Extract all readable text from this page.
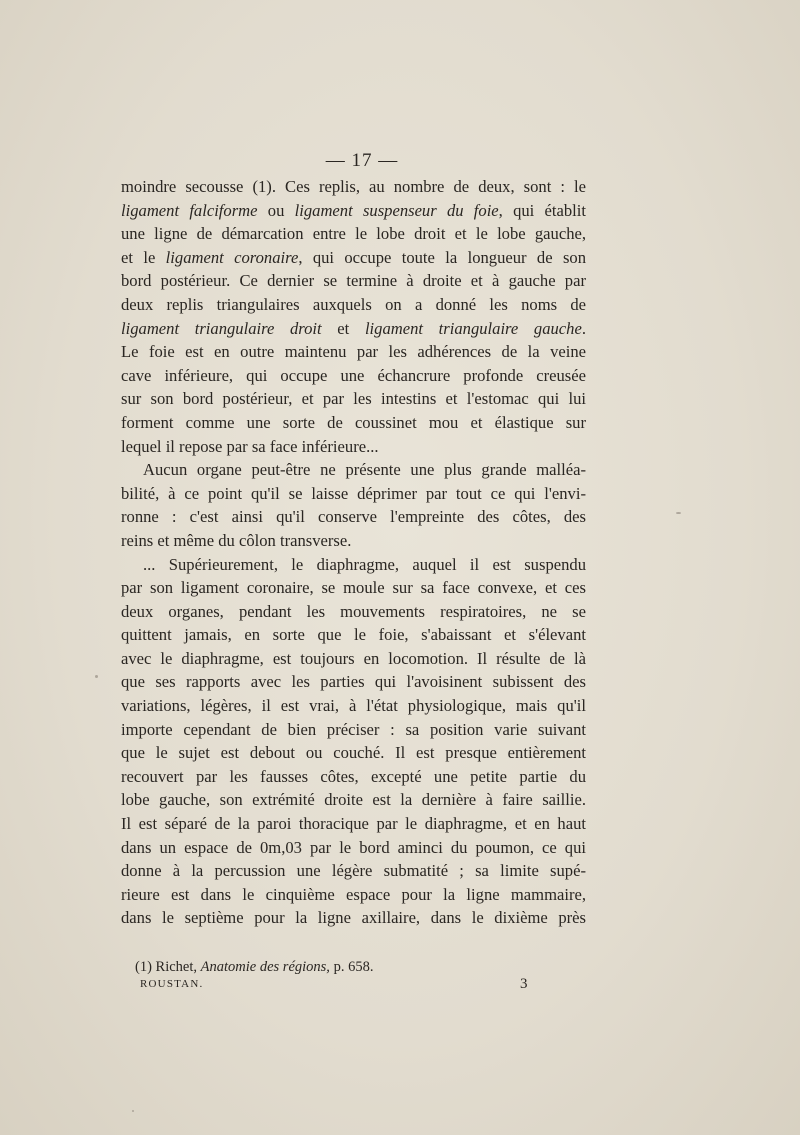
— 17 —

moindre secousse (1). Ces replis, au nombre de deux, sont : le

ligament falciforme ou ligament suspenseur du foie, qui établit

une ligne de démarcation entre le lobe droit et le lobe gauche,

et le ligament coronaire, qui occupe toute la longueur de son

bord postérieur. Ce dernier se termine à droite et à gauche par

deux replis triangulaires auxquels on a donné les noms de

ligament triangulaire droit et ligament triangulaire gauche.

Le foie est en outre maintenu par les adhérences de la veine

cave inférieure, qui occupe une échancrure profonde creusée

sur son bord postérieur, et par les intestins et l'estomac qui lui

forment comme une sorte de coussinet mou et élastique sur

lequel il repose par sa face inférieure...

Aucun organe peut-être ne présente une plus grande malléa-

bilité, à ce point qu'il se laisse déprimer par tout ce qui l'envi-

ronne : c'est ainsi qu'il conserve l'empreinte des côtes, des

reins et même du côlon transverse.

... Supérieurement, le diaphragme, auquel il est suspendu

par son ligament coronaire, se moule sur sa face convexe, et ces

deux organes, pendant les mouvements respiratoires, ne se

quittent jamais, en sorte que le foie, s'abaissant et s'élevant

avec le diaphragme, est toujours en locomotion. Il résulte de là

que ses rapports avec les parties qui l'avoisinent subissent des

variations, légères, il est vrai, à l'état physiologique, mais qu'il

importe cependant de bien préciser : sa position varie suivant

que le sujet est debout ou couché. Il est presque entièrement

recouvert par les fausses côtes, excepté une petite partie du

lobe gauche, son extrémité droite est la dernière à faire saillie.

Il est séparé de la paroi thoracique par le diaphragme, et en haut

dans un espace de 0m,03 par le bord aminci du poumon, ce qui

donne à la percussion une légère submatité ; sa limite supé-

rieure est dans le cinquième espace pour la ligne mammaire,

dans le septième pour la ligne axillaire, dans le dixième près

(1) Richet, Anatomie des régions, p. 658.
ROUSTAN.	3
